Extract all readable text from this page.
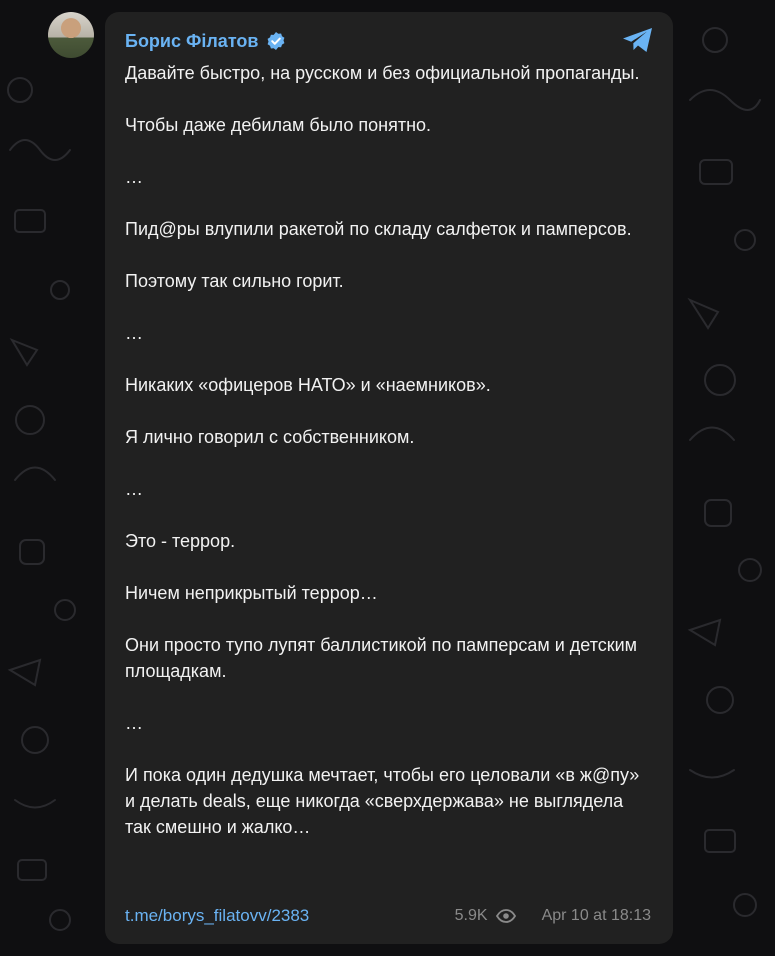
Борис Філатов

Давайте быстро, на русском и без официальной пропаганды.

Чтобы даже дебилам было понятно.

…

Пид@ры влупили ракетой по складу салфеток и памперсов.

Поэтому так сильно горит.

…

Никаких «офицеров НАТО» и «наемников».

Я лично говорил с собственником.

…

Это - террор.

Ничем неприкрытый террор…

Они просто тупо лупят баллистикой по памперсам и детским площадкам.

…

И пока один дедушка мечтает, чтобы его целовали «в ж@пу» и делать deals, еще никогда «сверхдержава» не выглядела так смешно и жалко…

t.me/borys_filatovv/2383	5.9K	Apr 10 at 18:13
